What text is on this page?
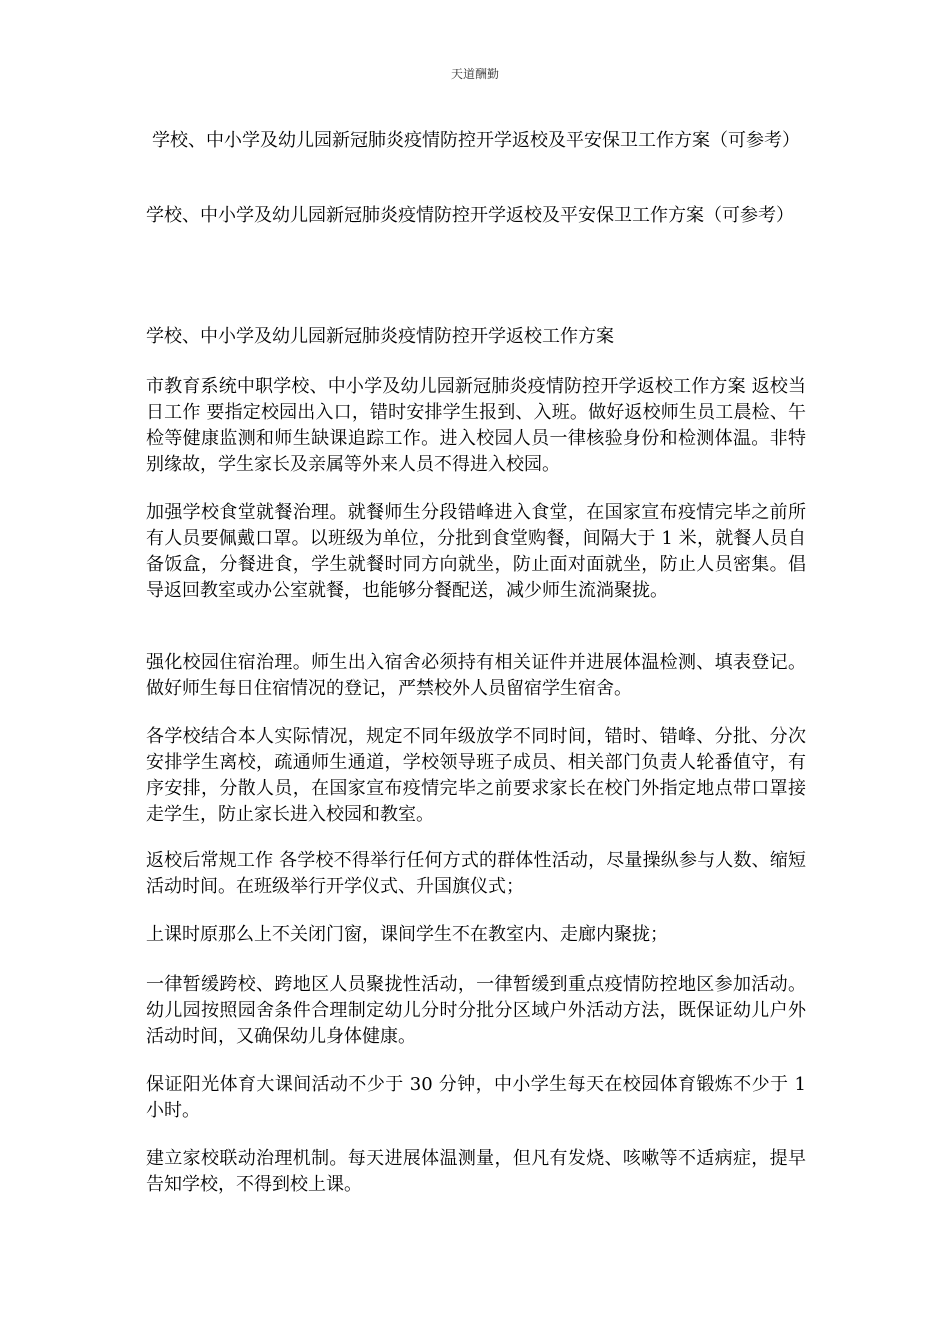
天道酬勤
学校、中小学及幼儿园新冠肺炎疫情防控开学返校及平安保卫工作方案（可参考）

学校、中小学及幼儿园新冠肺炎疫情防控开学返校及平安保卫工作方案（可参考）

学校、中小学及幼儿园新冠肺炎疫情防控开学返校工作方案

市教育系统中职学校、中小学及幼儿园新冠肺炎疫情防控开学返校工作方案 返校当日工作 要指定校园出入口，错时安排学生报到、入班。做好返校师生员工晨检、午检等健康监测和师生缺课追踪工作。进入校园人员一律核验身份和检测体温。非特别缘故，学生家长及亲属等外来人员不得进入校园。

加强学校食堂就餐治理。就餐师生分段错峰进入食堂，在国家宣布疫情完毕之前所有人员要佩戴口罩。以班级为单位，分批到食堂购餐，间隔大于 1 米，就餐人员自备饭盒，分餐进食，学生就餐时同方向就坐，防止面对面就坐，防止人员密集。倡导返回教室或办公室就餐，也能够分餐配送，减少师生流淌聚拢。

强化校园住宿治理。师生出入宿舍必须持有相关证件并进展体温检测、填表登记。做好师生每日住宿情况的登记，严禁校外人员留宿学生宿舍。

各学校结合本人实际情况，规定不同年级放学不同时间，错时、错峰、分批、分次安排学生离校，疏通师生通道，学校领导班子成员、相关部门负责人轮番值守，有序安排，分散人员，在国家宣布疫情完毕之前要求家长在校门外指定地点带口罩接走学生，防止家长进入校园和教室。

返校后常规工作 各学校不得举行任何方式的群体性活动，尽量操纵参与人数、缩短活动时间。在班级举行开学仪式、升国旗仪式；

上课时原那么上不关闭门窗，课间学生不在教室内、走廊内聚拢；

一律暂缓跨校、跨地区人员聚拢性活动，一律暂缓到重点疫情防控地区参加活动。幼儿园按照园舍条件合理制定幼儿分时分批分区域户外活动方法，既保证幼儿户外活动时间，又确保幼儿身体健康。

保证阳光体育大课间活动不少于 30 分钟，中小学生每天在校园体育锻炼不少于 1 小时。

建立家校联动治理机制。每天进展体温测量，但凡有发烧、咳嗽等不适病症，提早告知学校，不得到校上课。
